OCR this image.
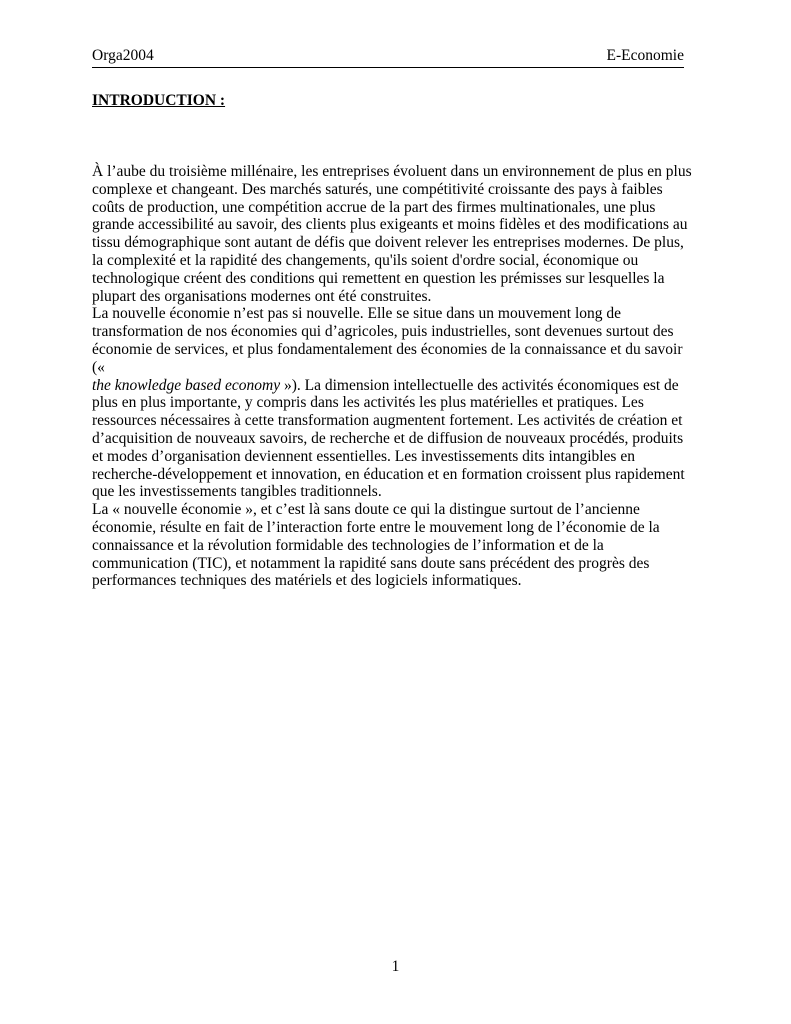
Orga2004	E-Economie
INTRODUCTION :

À l’aube du troisième millénaire, les entreprises évoluent dans un environnement de plus en plus complexe et changeant. Des marchés saturés, une compétitivité croissante des pays à faibles coûts de production, une compétition accrue de la part des firmes multinationales, une plus grande accessibilité au savoir, des clients plus exigeants et moins fidèles et des modifications au tissu démographique sont autant de défis que doivent relever les entreprises modernes. De plus, la complexité et la rapidité des changements, qu'ils soient d'ordre social, économique ou technologique créent des conditions qui remettent en question les prémisses sur lesquelles la plupart des organisations modernes ont été construites.

La nouvelle économie n’est pas si nouvelle. Elle se situe dans un mouvement long de transformation de nos économies qui d’agricoles, puis industrielles, sont devenues surtout des économie de services, et plus fondamentalement des économies de la connaissance et du savoir («
the knowledge based economy »). La dimension intellectuelle des activités économiques est de plus en plus importante, y compris dans les activités les plus matérielles et pratiques. Les ressources nécessaires à cette transformation augmentent fortement. Les activités de création et d’acquisition de nouveaux savoirs, de recherche et de diffusion de nouveaux procédés, produits et modes d’organisation deviennent essentielles. Les investissements dits intangibles en recherche-développement et innovation, en éducation et en formation croissent plus rapidement que les investissements tangibles traditionnels.

La « nouvelle économie », et c’est là sans doute ce qui la distingue surtout de l’ancienne économie, résulte en fait de l’interaction forte entre le mouvement long de l’économie de la connaissance et la révolution formidable des technologies de l’information et de la communication (TIC), et notamment la rapidité sans doute sans précédent des progrès des performances techniques des matériels et des logiciels informatiques.

1
